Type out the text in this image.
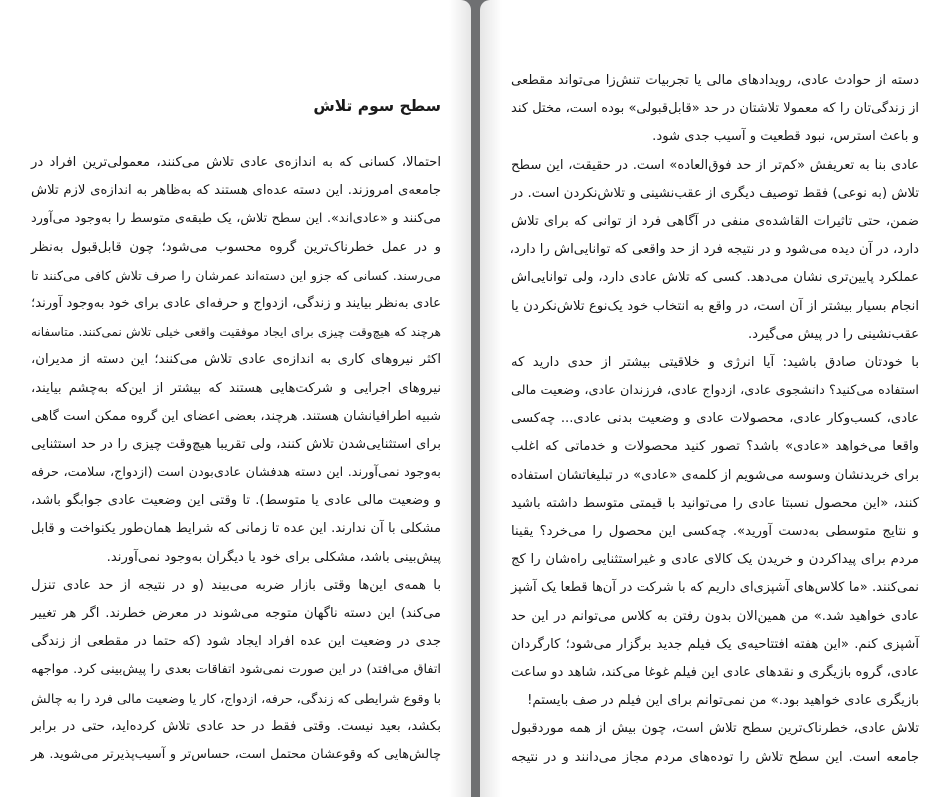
سطح سوم تلاش
احتمالا، کسانی که به اندازه‌ی عادی تلاش می‌کنند، معمولی‌ترین افراد در
جامعه‌ی امروزند. این دسته عده‌ای هستند که به‌ظاهر به اندازه‌ی لازم تلاش
می‌کنند و «عادی‌اند». این سطح تلاش، یک طبقه‌ی متوسط را به‌وجود می‌آورد
و در عمل خطرناک‌ترین گروه محسوب می‌شود؛ چون قابل‌قبول به‌نظر
می‌رسند. کسانی که جزو این دسته‌اند عمرشان را صرف تلاش کافی می‌کنند تا
عادی به‌نظر بیایند و زندگی، ازدواج و حرفه‌ای عادی برای خود به‌وجود آورند؛
هرچند که هیچ‌وقت چیزی برای ایجاد موفقیت واقعی خیلی تلاش نمی‌کنند. متاسفانه
اکثر نیروهای کاری به اندازه‌ی عادی تلاش می‌کنند؛ این دسته از مدیران،
نیروهای اجرایی و شرکت‌هایی هستند که بیشتر از این‌که به‌چشم بیایند،
شبیه اطرافیانشان هستند. هرچند، بعضی اعضای این گروه ممکن است گاهی
برای استثنایی‌شدن تلاش کنند، ولی تقریبا هیچ‌وقت چیزی را در حد استثنایی
به‌وجود نمی‌آورند. این دسته هدفشان عادی‌بودن است (ازدواج، سلامت، حرفه
و وضعیت مالی عادی یا متوسط). تا وقتی این وضعیت عادی جوابگو باشد،
مشکلی با آن ندارند. این عده تا زمانی که شرایط همان‌طور یکنواخت و قابل
پیش‌بینی باشد، مشکلی برای خود یا دیگران به‌وجود نمی‌آورند.
با همه‌ی این‌ها وقتی بازار ضربه می‌بیند (و در نتیجه از حد عادی تنزل
می‌کند) این دسته ناگهان متوجه می‌شوند در معرض خطرند. اگر هر تغییر
جدی در وضعیت این عده افراد ایجاد شود (که حتما در مقطعی از زندگی
اتفاق می‌افتد) در این صورت نمی‌شود اتفاقات بعدی را پیش‌بینی کرد. مواجهه
با وقوع شرایطی که زندگی، حرفه، ازدواج، کار یا وضعیت مالی فرد را به چالش
بکشد، بعید نیست. وقتی فقط در حد عادی تلاش کرده‌اید، حتی در برابر
چالش‌هایی که وقوعشان محتمل است، حساس‌تر و آسیب‌پذیرتر می‌شوید. هر
دسته از حوادث عادی، رویدادهای مالی یا تجربیات تنش‌زا می‌تواند مقطعی
از زندگی‌تان را که معمولا تلاشتان در حد «قابل‌قبولی» بوده است، مختل کند
و باعث استرس، نبود قطعیت و آسیب جدی شود.
عادی بنا به تعریفش «کم‌تر از حد فوق‌العاده» است. در حقیقت، این سطح
تلاش (به نوعی) فقط توصیف دیگری از عقب‌نشینی و تلاش‌نکردن است. در
ضمن، حتی تاثیرات القاشده‌ی منفی در آگاهی فرد از توانی که برای تلاش
دارد، در آن دیده می‌شود و در نتیجه فرد از حد واقعی که توانایی‌اش را دارد،
عملکرد پایین‌تری نشان می‌دهد. کسی که تلاش عادی دارد، ولی توانایی‌اش
انجام بسیار بیشتر از آن است، در واقع به انتخاب خود یک‌نوع تلاش‌نکردن یا
عقب‌نشینی را در پیش می‌گیرد.
با خودتان صادق باشید: آیا انرژی و خلاقیتی بیشتر از حدی دارید که
استفاده می‌کنید؟ دانشجوی عادی، ازدواج عادی، فرزندان عادی، وضعیت مالی
عادی، کسب‌وکار عادی، محصولات عادی و وضعیت بدنی عادی... چه‌کسی
واقعا می‌خواهد «عادی» باشد؟ تصور کنید محصولات و خدماتی که اغلب
برای خریدنشان وسوسه می‌شویم از کلمه‌ی «عادی» در تبلیغاتشان استفاده
کنند، «این محصول نسبتا عادی را می‌توانید با قیمتی متوسط داشته باشید
و نتایج متوسطی به‌دست آورید». چه‌کسی این محصول را می‌خرد؟ یقینا
مردم برای پیداکردن و خریدن یک کالای عادی و غیراستثنایی راه‌شان را کج
نمی‌کنند. «ما کلاس‌های آشپزی‌ای داریم که با شرکت در آن‌ها قطعا یک آشپز
عادی خواهید شد.» من همین‌الان بدون رفتن به کلاس می‌توانم در این حد
آشپزی کنم. «این هفته افتتاحیه‌ی یک فیلم جدید برگزار می‌شود؛ کارگردان
عادی، گروه بازیگری و نقدهای عادی این فیلم غوغا می‌کند، شاهد دو ساعت
بازیگری عادی خواهید بود.» من نمی‌توانم برای این فیلم در صف بایستم!
تلاش عادی، خطرناک‌ترین سطح تلاش است، چون بیش از همه موردقبول
جامعه است. این سطح تلاش را توده‌های مردم مجاز می‌دانند و در نتیجه
